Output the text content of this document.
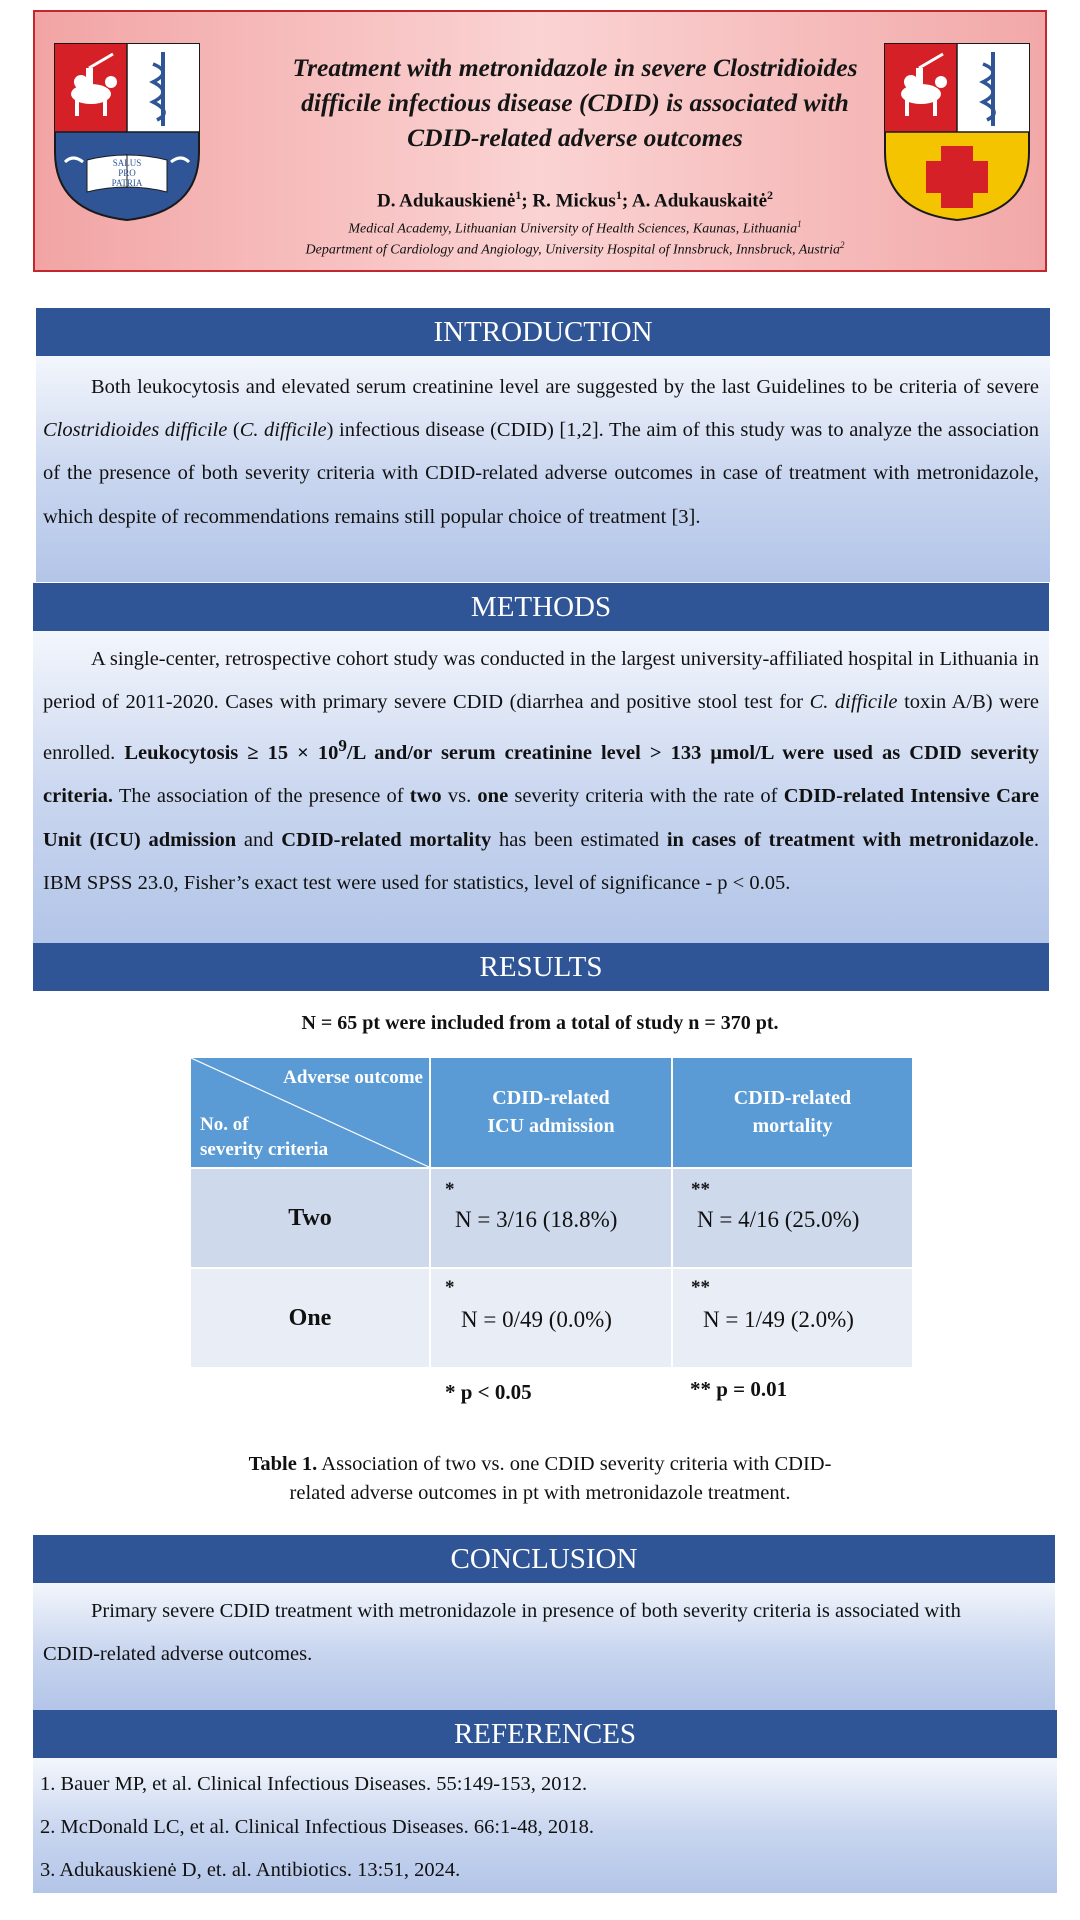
SALUS
PRO
PATRIA
Treatment with metronidazole in severe Clostridioides
difficile infectious disease (CDID) is associated with
CDID-related adverse outcomes
D. Adukauskienė$^1$; R. Mickus$^1$; A. Adukauskaitė$^2$
Medical Academy, Lithuanian University of Health Sciences, Kaunas, Lithuania$^1$
Department of Cardiology and Angiology, University Hospital of Innsbruck, Innsbruck, Austria$^2$
INTRODUCTION
Both leukocytosis and elevated serum creatinine level are suggested by the last Guidelines to be criteria of severe Clostridioides difficile (C. difficile) infectious disease (CDID) [1,2]. The aim of this study was to analyze the association of the presence of both severity criteria with CDID-related adverse outcomes in case of treatment with metronidazole, which despite of recommendations remains still popular choice of treatment [3].
METHODS
A single-center, retrospective cohort study was conducted in the largest university-affiliated hospital in Lithuania in period of 2011-2020. Cases with primary severe CDID (diarrhea and positive stool test for C. difficile toxin A/B) were enrolled. Leukocytosis ≥ $15 \times 10^9/L$ and/or serum creatinine level > 133 μmol/L were used as CDID severity criteria. The association of the presence of two vs. one severity criteria with the rate of CDID-related Intensive Care Unit (ICU) admission and CDID-related mortality has been estimated in cases of treatment with metronidazole. IBM SPSS 23.0, Fisher’s exact test were used for statistics, level of significance - p < 0.05.
RESULTS
N = 65 pt were included from a total of study n = 370 pt.
Adverse outcome
No. of
severity criteria
CDID-related
ICU admission
CDID-related
mortality
Two
*
N = 3/16 (18.8%)
**
N = 4/16 (25.0%)
One
*
N = 0/49 (0.0%)
**
N = 1/49 (2.0%)
* p < 0.05	** p = 0.01
Table 1. Association of two vs. one CDID severity criteria with CDID-
related adverse outcomes in pt with metronidazole treatment.
CONCLUSION
Primary severe CDID treatment with metronidazole in presence of both severity criteria is associated with CDID-related adverse outcomes.
REFERENCES
1. Bauer MP, et al. Clinical Infectious Diseases. 55:149-153, 2012.
2. McDonald LC, et al. Clinical Infectious Diseases. 66:1-48, 2018.
3. Adukauskienė D, et. al. Antibiotics. 13:51, 2024.
